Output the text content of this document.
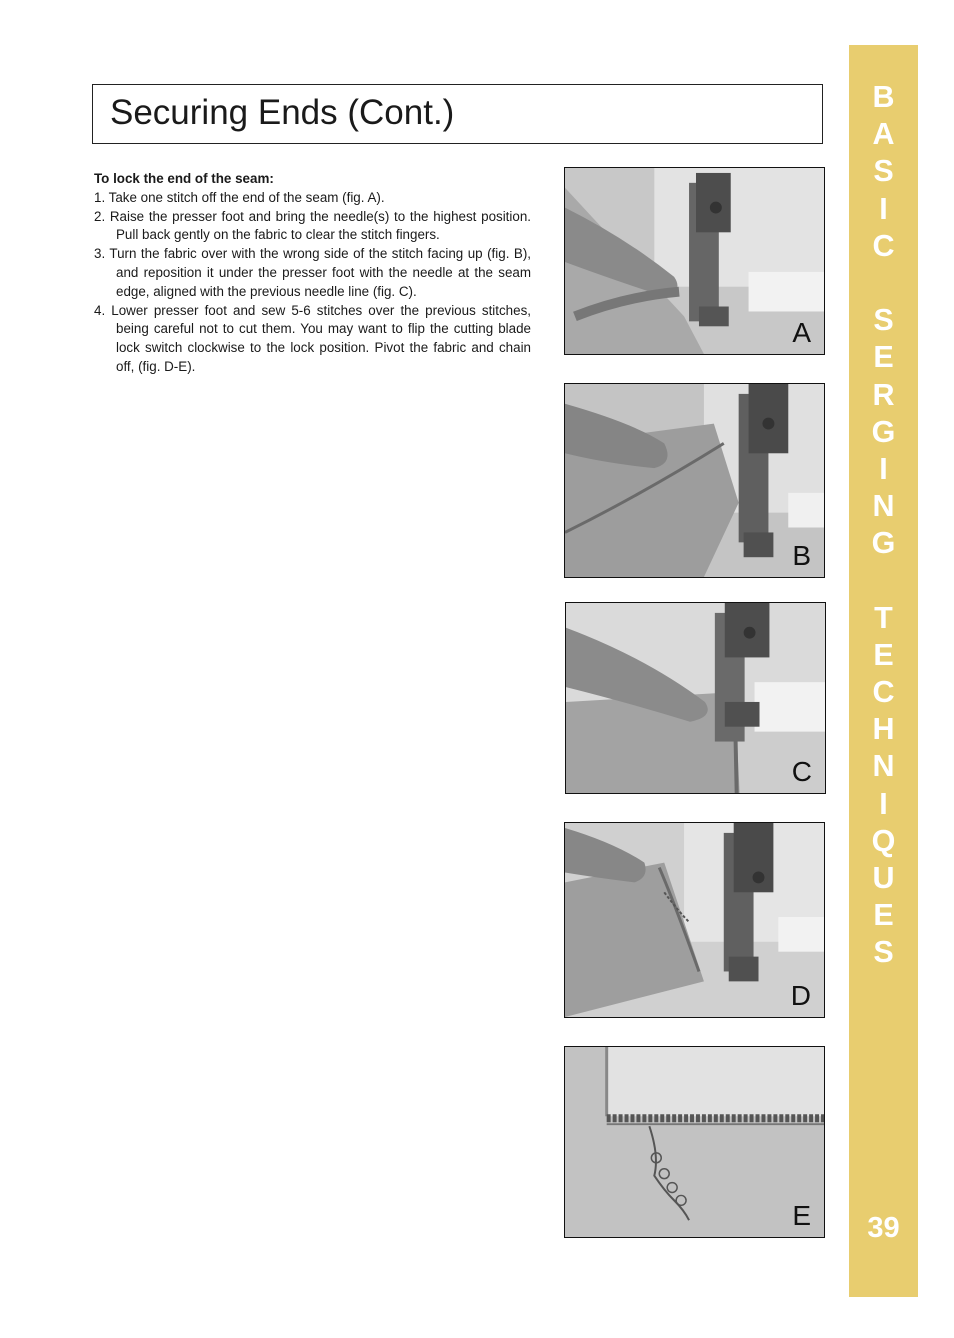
Securing Ends (Cont.)
To lock the end of the seam:
1. Take one stitch off the end of the seam (fig. A).
2. Raise the presser foot and bring the needle(s) to the highest position. Pull back gently on the fabric to clear the stitch fingers.
3. Turn the fabric over with the wrong side of the stitch facing up (fig. B), and reposition it under the presser foot with the needle at the seam edge, aligned with the previous needle line (fig. C).
4. Lower presser foot and sew 5-6 stitches over the previous stitches, being careful not to cut them. You may want to flip the cutting blade lock switch clockwise to the lock position. Pivot the fabric and chain off, (fig. D-E).
A
B
C
D
E
B
A
S
I
C
S
E
R
G
I
N
G
T
E
C
H
N
I
Q
U
E
S
39
